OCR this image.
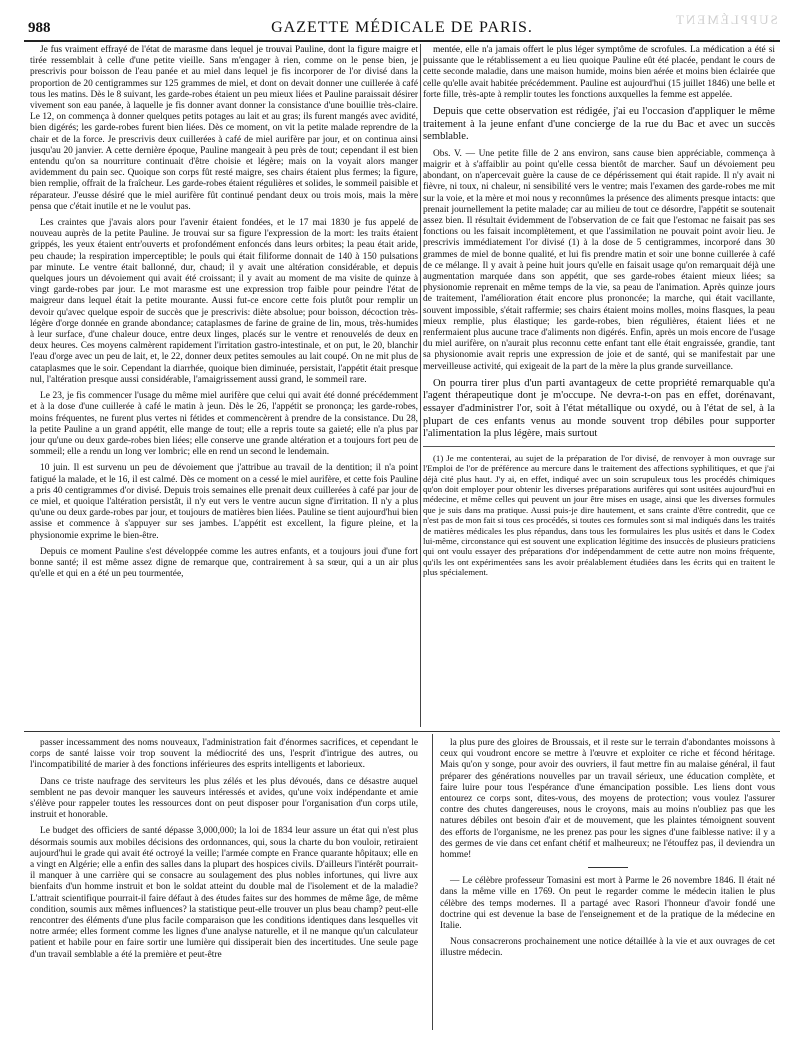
988	GAZETTE MÉDICALE DE PARIS.	SUPPLÉMENT

Je fus vraiment effrayé de l'état de marasme dans lequel je trouvai Pauline, dont la figure maigre et tirée ressemblait à celle d'une petite vieille. Sans m'engager à rien, comme on le pense bien, je prescrivis pour boisson de l'eau panée et au miel dans lequel je fis incorporer de l'or divisé dans la proportion de 20 centigrammes sur 125 grammes de miel, et dont on devait donner une cuillerée à café tous les matins. Dès le 8 suivant, les garde-robes étaient un peu mieux liées et Pauline paraissait désirer vivement son eau panée, à laquelle je fis donner avant donner la consistance d'une bouillie très-claire. Le 12, on commença à donner quelques petits potages au lait et au gras; ils furent mangés avec avidité, bien digérés; les garde-robes furent bien liées. Dès ce moment, on vit la petite malade reprendre de la chair et de la force. Je prescrivis deux cuillerées à café de miel aurifère par jour, et on continua ainsi jusqu'au 20 janvier. A cette dernière époque, Pauline mangeait à peu près de tout; cependant il est bien entendu qu'on sa nourriture continuait d'être choisie et légère; mais on la voyait alors manger avidemment du pain sec. Quoique son corps fût resté maigre, ses chairs étaient plus fermes; la figure, bien remplie, offrait de la fraîcheur. Les garde-robes étaient régulières et solides, le sommeil paisible et réparateur. J'eusse désiré que le miel aurifère fût continué pendant deux ou trois mois, mais la mère pensa que c'était inutile et ne le voulut pas.

Les craintes que j'avais alors pour l'avenir étaient fondées, et le 17 mai 1830 je fus appelé de nouveau auprès de la petite Pauline. Je trouvai sur sa figure l'expression de la mort: les traits étaient grippés, les yeux étaient entr'ouverts et profondément enfoncés dans leurs orbites; la peau était aride, peu chaude; la respiration imperceptible; le pouls qui était filiforme donnait de 140 à 150 pulsations par minute. Le ventre était ballonné, dur, chaud; il y avait une altération considérable, et depuis quelques jours un dévoiement qui avait été croissant; il y avait au moment de ma visite de quinze à vingt garde-robes par jour. Le mot marasme est une expression trop faible pour peindre l'état de maigreur dans lequel était la petite mourante. Aussi fut-ce encore cette fois plutôt pour remplir un devoir qu'avec quelque espoir de succès que je prescrivis: diète absolue; pour boisson, décoction très-légère d'orge donnée en grande abondance; cataplasmes de farine de graine de lin, mous, très-humides à leur surface, d'une chaleur douce, entre deux linges, placés sur le ventre et renouvelés de deux en deux heures. Ces moyens calmèrent rapidement l'irritation gastro-intestinale, et on put, le 20, blanchir l'eau d'orge avec un peu de lait, et, le 22, donner deux petites semoules au lait coupé. On ne mit plus de cataplasmes que le soir. Cependant la diarrhée, quoique bien diminuée, persistait, l'appétit était presque nul, l'altération presque aussi considérable, l'amaigrissement aussi grand, le sommeil rare.

Le 23, je fis commencer l'usage du même miel aurifère que celui qui avait été donné précédemment et à la dose d'une cuillerée à café le matin à jeun. Dès le 26, l'appétit se prononça; les garde-robes, moins fréquentes, ne furent plus vertes ni fétides et commencèrent à prendre de la consistance. Du 28, la petite Pauline a un grand appétit, elle mange de tout; elle a repris toute sa gaieté; elle n'a plus par jour qu'une ou deux garde-robes bien liées; elle conserve une grande altération et a toujours fort peu de sommeil; elle a rendu un long ver lombric; elle en rend un second le lendemain.

10 juin. Il est survenu un peu de dévoiement que j'attribue au travail de la dentition; il n'a point fatigué la malade, et le 16, il est calmé. Dès ce moment on a cessé le miel aurifère, et cette fois Pauline a pris 40 centigrammes d'or divisé. Depuis trois semaines elle prenait deux cuillerées à café par jour de ce miel, et quoique l'altération persistât, il n'y eut vers le ventre aucun signe d'irritation. Il n'y a plus qu'une ou deux garde-robes par jour, et toujours de matières bien liées. Pauline se tient aujourd'hui bien assise et commence à s'appuyer sur ses jambes. L'appétit est excellent, la figure pleine, et la physionomie exprime le bien-être.

Depuis ce moment Pauline s'est développée comme les autres enfants, et a toujours joui d'une fort bonne santé; il est même assez digne de remarque que, contrairement à sa sœur, qui a un air plus qu'elle et qui en a été un peu tourmentée,

mentée, elle n'a jamais offert le plus léger symptôme de scrofules. La médication a été si puissante que le rétablissement a eu lieu quoique Pauline eût été placée, pendant le cours de cette seconde maladie, dans une maison humide, moins bien aérée et moins bien éclairée que celle qu'elle avait habitée précédemment. Pauline est aujourd'hui (15 juillet 1846) une belle et forte fille, très-apte à remplir toutes les fonctions auxquelles la femme est appelée.

Depuis que cette observation est rédigée, j'ai eu l'occasion d'appliquer le même traitement à la jeune enfant d'une concierge de la rue du Bac et avec un succès semblable.

Obs. V. — Une petite fille de 2 ans environ, sans cause bien appréciable, commença à maigrir et à s'affaiblir au point qu'elle cessa bientôt de marcher. Sauf un dévoiement peu abondant, on n'apercevait guère la cause de ce dépérissement qui était rapide. Il n'y avait ni fièvre, ni toux, ni chaleur, ni sensibilité vers le ventre; mais l'examen des garde-robes me mit sur la voie, et la mère et moi nous y reconnûmes la présence des aliments presque intacts: que prenait journellement la petite malade; car au milieu de tout ce désordre, l'appétit se soutenait assez bien. Il résultait évidemment de l'observation de ce fait que l'estomac ne faisait pas ses fonctions ou les faisait incomplètement, et que l'assimilation ne pouvait point avoir lieu. Je prescrivis immédiatement l'or divisé (1) à la dose de 5 centigrammes, incorporé dans 30 grammes de miel de bonne qualité, et lui fis prendre matin et soir une bonne cuillerée à café de ce mélange. Il y avait à peine huit jours qu'elle en faisait usage qu'on remarquait déjà une augmentation marquée dans son appétit, que ses garde-robes étaient mieux liées; sa physionomie reprenait en même temps de la vie, sa peau de l'animation. Après quinze jours de traitement, l'amélioration était encore plus prononcée; la marche, qui était vacillante, souvent impossible, s'était raffermie; ses chairs étaient moins molles, moins flasques, la peau mieux remplie, plus élastique; les garde-robes, bien régulières, étaient liées et ne renfermaient plus aucune trace d'aliments non digérés. Enfin, après un mois encore de l'usage du miel aurifère, on n'aurait plus reconnu cette enfant tant elle était engraissée, grandie, tant sa physionomie avait repris une expression de joie et de santé, qui se manifestait par une merveilleuse activité, qui exigeait de la part de la mère la plus grande surveillance.

On pourra tirer plus d'un parti avantageux de cette propriété remarquable qu'a l'agent thérapeutique dont je m'occupe. Ne devra-t-on pas en effet, dorénavant, essayer d'administrer l'or, soit à l'état métallique ou oxydé, ou à l'état de sel, à la plupart de ces enfants venus au monde souvent trop débiles pour supporter l'alimentation la plus légère, mais surtout

(1) Je me contenterai, au sujet de la préparation de l'or divisé, de renvoyer à mon ouvrage sur l'Emploi de l'or de préférence au mercure dans le traitement des affections syphilitiques, et que j'ai déjà cité plus haut. J'y ai, en effet, indiqué avec un soin scrupuleux tous les procédés chimiques qu'on doit employer pour obtenir les diverses préparations aurifères qui sont usitées aujourd'hui en médecine, et même celles qui peuvent un jour être mises en usage, ainsi que les diverses formules que je suis dans ma pratique. Aussi puis-je dire hautement, et sans crainte d'être contredit, que ce n'est pas de mon fait si tous ces procédés, si toutes ces formules sont si mal indiqués dans les traités de matières médicales les plus répandus, dans tous les formulaires les plus usités et dans le Codex lui-même, circonstance qui est souvent une explication légitime des insuccès de plusieurs praticiens qui ont voulu essayer des préparations d'or indépendamment de cette autre non moins fréquente, qu'ils les ont expérimentées sans les avoir préalablement étudiées dans les écrits qui en traitent le plus spécialement.

passer incessamment des noms nouveaux, l'administration fait d'énormes sacrifices, et cependant le corps de santé laisse voir trop souvent la médiocrité des uns, l'esprit d'intrigue des autres, ou l'incompatibilité de marier à des fonctions inférieures des esprits intelligents et laborieux.

Dans ce triste naufrage des serviteurs les plus zélés et les plus dévoués, dans ce désastre auquel semblent ne pas devoir manquer les sauveurs intéressés et avides, qu'une voix indépendante et amie s'élève pour rappeler toutes les ressources dont on peut disposer pour l'organisation d'un corps utile, instruit et honorable.

Le budget des officiers de santé dépasse 3,000,000; la loi de 1834 leur assure un état qui n'est plus désormais soumis aux mobiles décisions des ordonnances, qui, sous la charte du bon vouloir, retiraient aujourd'hui le grade qui avait été octroyé la veille; l'armée compte en France quarante hôpitaux; elle en a vingt en Algérie; elle a enfin des salles dans la plupart des hospices civils. D'ailleurs l'intérêt pourrait-il manquer à une carrière qui se consacre au soulagement des plus nobles infortunes, qui livre aux bienfaits d'un homme instruit et bon le soldat atteint du double mal de l'isolement et de la maladie? L'attrait scientifique pourrait-il faire défaut à des études faites sur des hommes de même âge, de même condition, soumis aux mêmes influences? la statistique peut-elle trouver un plus beau champ? peut-elle rencontrer des éléments d'une plus facile comparaison que les conditions identiques dans lesquelles vit notre armée; elles forment comme les lignes d'une analyse naturelle, et il ne manque qu'un calculateur patient et habile pour en faire sortir une lumière qui dissiperait bien des incertitudes. Une seule page d'un travail semblable a été la première et peut-être

la plus pure des gloires de Broussais, et il reste sur le terrain d'abondantes moissons à ceux qui voudront encore se mettre à l'œuvre et exploiter ce riche et fécond héritage. Mais qu'on y songe, pour avoir des ouvriers, il faut mettre fin au malaise général, il faut préparer des générations nouvelles par un travail sérieux, une éducation complète, et faire luire pour tous l'espérance d'une émancipation possible. Les liens dont vous entourez ce corps sont, dites-vous, des moyens de protection; vous voulez l'assurer contre des chutes dangereuses, nous le croyons, mais au moins n'oubliez pas que les natures débiles ont besoin d'air et de mouvement, que les plaintes témoignent souvent des efforts de l'organisme, ne les prenez pas pour les signes d'une faiblesse native: il y a des germes de vie dans cet enfant chétif et malheureux; ne l'étouffez pas, il deviendra un homme!

— Le célèbre professeur Tomasini est mort à Parme le 26 novembre 1846. Il était né dans la même ville en 1769. On peut le regarder comme le médecin italien le plus célèbre des temps modernes. Il a partagé avec Rasori l'honneur d'avoir fondé une doctrine qui est devenue la base de l'enseignement et de la pratique de la médecine en Italie.

Nous consacrerons prochainement une notice détaillée à la vie et aux ouvrages de cet illustre médecin.
